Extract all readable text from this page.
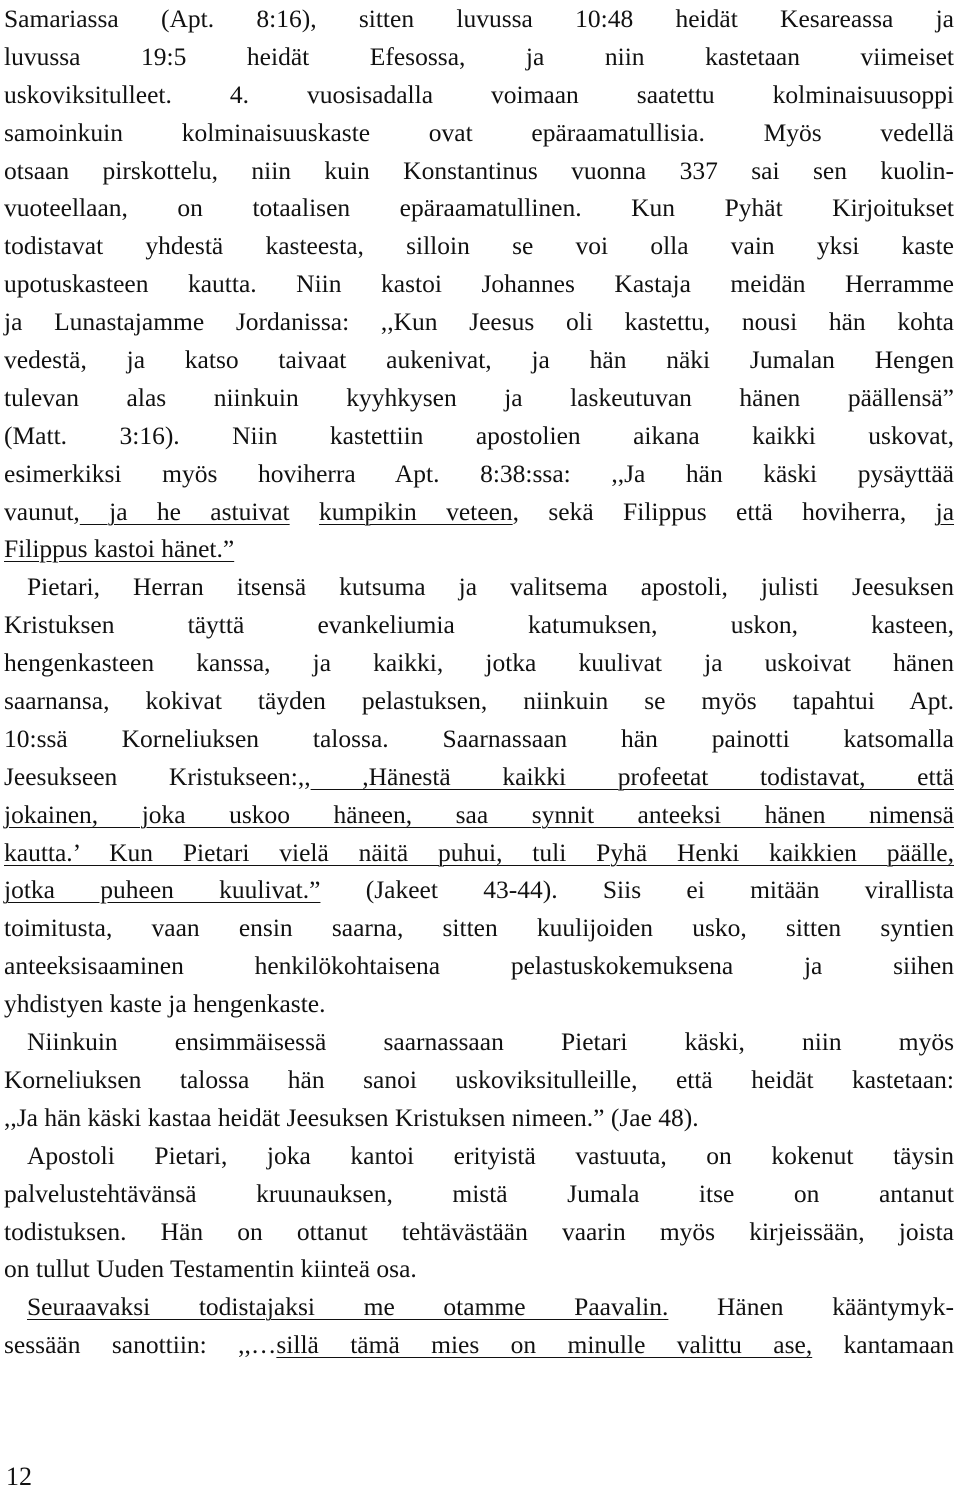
Samariassa (Apt. 8:16), sitten luvussa 10:48 heidät Kesareassa ja
luvussa 19:5 heidät Efesossa, ja niin kastetaan viimeiset
uskoviksitulleet. 4. vuosisadalla voimaan saatettu kolminaisuusoppi
samoinkuin kolminaisuuskaste ovat epäraamatullisia. Myös vedellä
otsaan pirskottelu, niin kuin Konstantinus vuonna 337 sai sen kuolin-
vuoteellaan, on totaalisen epäraamatullinen. Kun Pyhät Kirjoitukset
todistavat yhdestä kasteesta, silloin se voi olla vain yksi kaste
upotuskasteen kautta. Niin kastoi Johannes Kastaja meidän Herramme
ja Lunastajamme Jordanissa: ,,Kun Jeesus oli kastettu, nousi hän kohta
vedestä, ja katso taivaat aukenivat, ja hän näki Jumalan Hengen
tulevan alas niinkuin kyyhkysen ja laskeutuvan hänen päällensä”
(Matt. 3:16). Niin kastettiin apostolien aikana kaikki uskovat,
esimerkiksi myös hoviherra Apt. 8:38:ssa: ,,Ja hän käski pysäyttää
vaunut, ja he astuivat kumpikin veteen, sekä Filippus että hoviherra, ja
Filippus kastoi hänet.”
Pietari, Herran itsensä kutsuma ja valitsema apostoli, julisti Jeesuksen
Kristuksen täyttä evankeliumia katumuksen, uskon, kasteen,
hengenkasteen kanssa, ja kaikki, jotka kuulivat ja uskoivat hänen
saarnansa, kokivat täyden pelastuksen, niinkuin se myös tapahtui Apt.
10:ssä Korneliuksen talossa. Saarnassaan hän painotti katsomalla
Jeesukseen Kristukseen:,, ,Hänestä kaikki profeetat todistavat, että
jokainen, joka uskoo häneen, saa synnit anteeksi hänen nimensä
kautta.’ Kun Pietari vielä näitä puhui, tuli Pyhä Henki kaikkien päälle,
jotka puheen kuulivat.” (Jakeet 43-44). Siis ei mitään virallista
toimitusta, vaan ensin saarna, sitten kuulijoiden usko, sitten syntien
anteeksisaaminen henkilökohtaisena pelastuskokemuksena ja siihen
yhdistyen kaste ja hengenkaste.
Niinkuin ensimmäisessä saarnassaan Pietari käski, niin myös
Korneliuksen talossa hän sanoi uskoviksitulleille, että heidät kastetaan:
,,Ja hän käski kastaa heidät Jeesuksen Kristuksen nimeen.” (Jae 48).
Apostoli Pietari, joka kantoi erityistä vastuuta, on kokenut täysin
palvelustehtävänsä kruunauksen, mistä Jumala itse on antanut
todistuksen. Hän on ottanut tehtävästään vaarin myös kirjeissään, joista
on tullut Uuden Testamentin kiinteä osa.
Seuraavaksi todistajaksi me otamme Paavalin. Hänen kääntymyk-
sessään sanottiin: ,,…sillä tämä mies on minulle valittu ase, kantamaan
12
